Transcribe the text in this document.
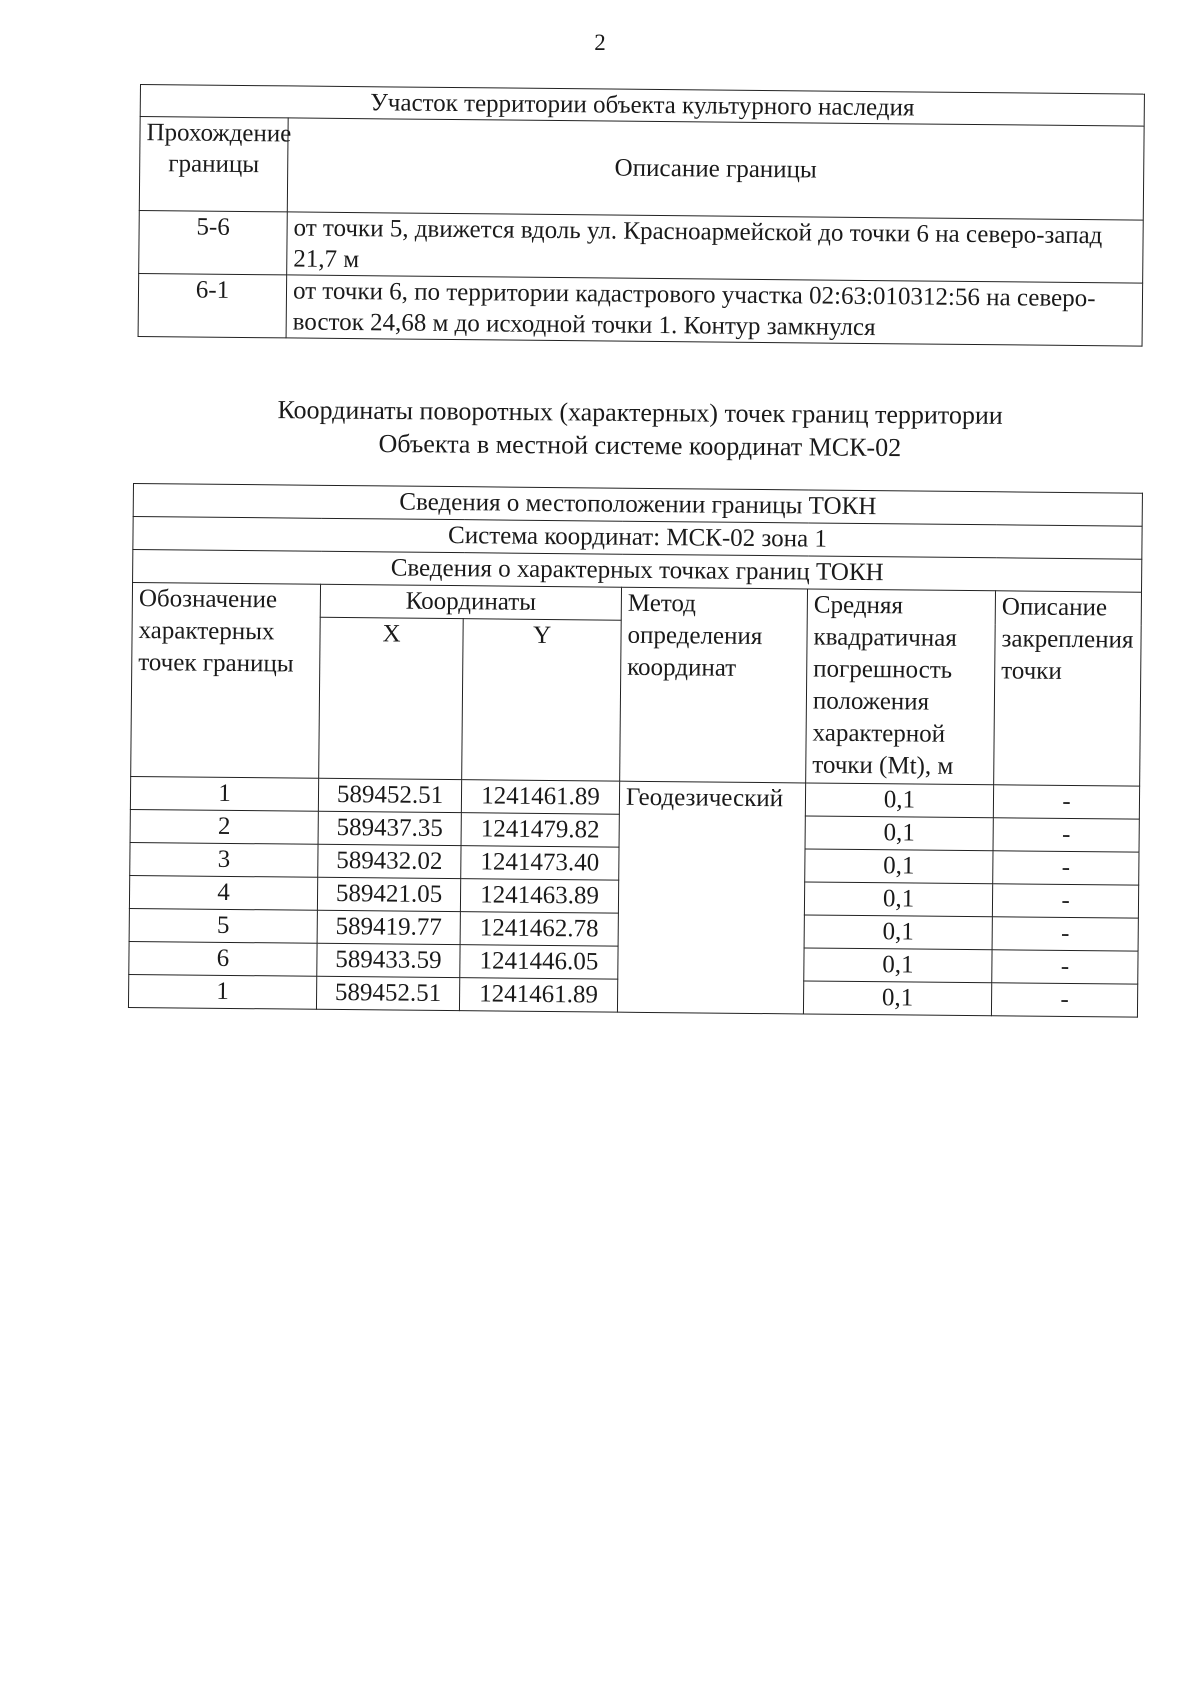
2
Участок территории объекта культурного наследия	
Прохождение границы	Описание границы
5-6	от точки 5, движется вдоль ул. Красноармейской до точки 6 на северо-запад 21,7 м
6-1	от точки 6, по территории кадастрового участка 02:63:010312:56 на северо-восток 24,68 м до исходной точки 1. Контур замкнулся
Координаты поворотных (характерных) точек границ территории
Объекта в местной системе координат МСК-02
Сведения о местоположении границы ТОКН					
Система координат: МСК-02 зона 1					
Сведения о характерных точках границ ТОКН					
Обозначение характерных точек границы	Координаты		Метод определения координат	Средняя квадратичная погрешность положения характерной точки (Mt), м	Описание закрепления точки
	X	Y			
1	589452.51	1241461.89	Геодезический	0,1	-
2	589437.35	1241479.82		0,1	-
3	589432.02	1241473.40		0,1	-
4	589421.05	1241463.89		0,1	-
5	589419.77	1241462.78		0,1	-
6	589433.59	1241446.05		0,1	-
1	589452.51	1241461.89		0,1	-
